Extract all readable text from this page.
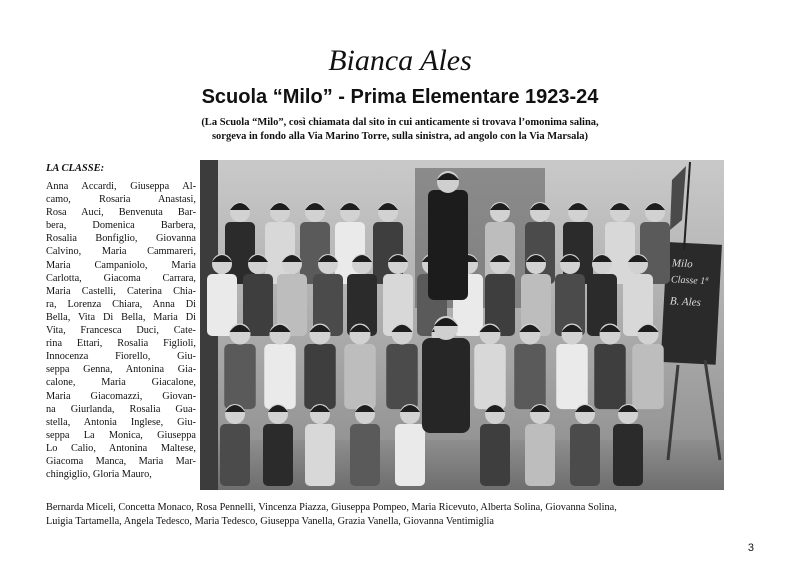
Bianca Ales
Scuola “Milo” - Prima Elementare 1923-24
(La Scuola “Milo”, così chiamata dal sito in cui anticamente si trovava l’omonima salina,
sorgeva in fondo alla Via Marino Torre, sulla sinistra, ad angolo con la Via Marsala)
LA CLASSE:
Anna Accardi, Giuseppa Al-
camo, Rosaria Anastasi,
Rosa Auci, Benvenuta Bar-
bera, Domenica Barbera,
Rosalia Bonfiglio, Giovanna
Calvino, Maria Cammareri,
Maria Campaniolo, Maria
Carlotta, Giacoma Carrara,
Maria Castelli, Caterina Chia-
ra, Lorenza Chiara, Anna Di
Bella, Vita Di Bella, Maria Di
Vita, Francesca Duci, Cate-
rina Ettari, Rosalia Figlioli,
Innocenza Fiorello, Giu-
seppa Genna, Antonina Gia-
calone, Maria Giacalone,
Maria Giacomazzi, Giovan-
na Giurlanda, Rosalia Gua-
stella, Antonia Inglese, Giu-
seppa La Monica, Giuseppa
Lo Calio, Antonina Maltese,
Giacoma Manca, Maria Mar-
chingiglio, Gloria Mauro,
Milo
Classe 1ª
B. Ales
Bernarda Miceli, Concetta Monaco, Rosa Pennelli, Vincenza Piazza, Giuseppa Pompeo, Maria Ricevuto, Alberta Solina, Giovanna Solina,
Luigia Tartamella, Angela Tedesco, Maria Tedesco, Giuseppa Vanella, Grazia Vanella, Giovanna Ventimiglia
3
